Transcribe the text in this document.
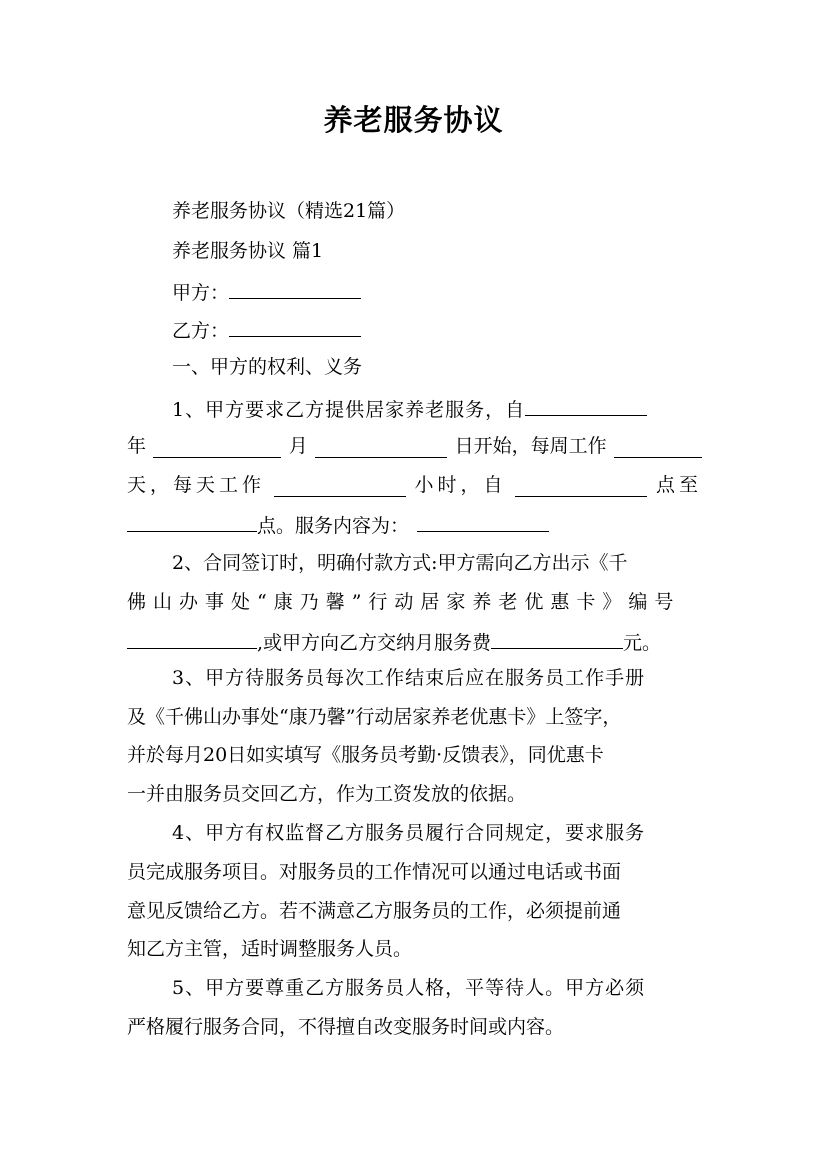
养老服务协议
养老服务协议（精选21篇）
养老服务协议 篇1
甲方：
乙方：
一、甲方的权利、义务
1、甲方要求乙方提供居家养老服务，自
年	月	日开始，每周工作
天，每天工作	小时，自	点至
点。服务内容为：
2、合同签订时，明确付款方式:甲方需向乙方出示《千
佛山办事处“康乃馨”行动居家养老优惠卡》编号
,或甲方向乙方交纳月服务费	元。
3、甲方待服务员每次工作结束后应在服务员工作手册
及《千佛山办事处“康乃馨”行动居家养老优惠卡》上签字，
并於每月20日如实填写《服务员考勤·反馈表》，同优惠卡
一并由服务员交回乙方，作为工资发放的依据。
4、甲方有权监督乙方服务员履行合同规定，要求服务
员完成服务项目。对服务员的工作情况可以通过电话或书面
意见反馈给乙方。若不满意乙方服务员的工作，必须提前通
知乙方主管，适时调整服务人员。
5、甲方要尊重乙方服务员人格，平等待人。甲方必须
严格履行服务合同，不得擅自改变服务时间或内容。
